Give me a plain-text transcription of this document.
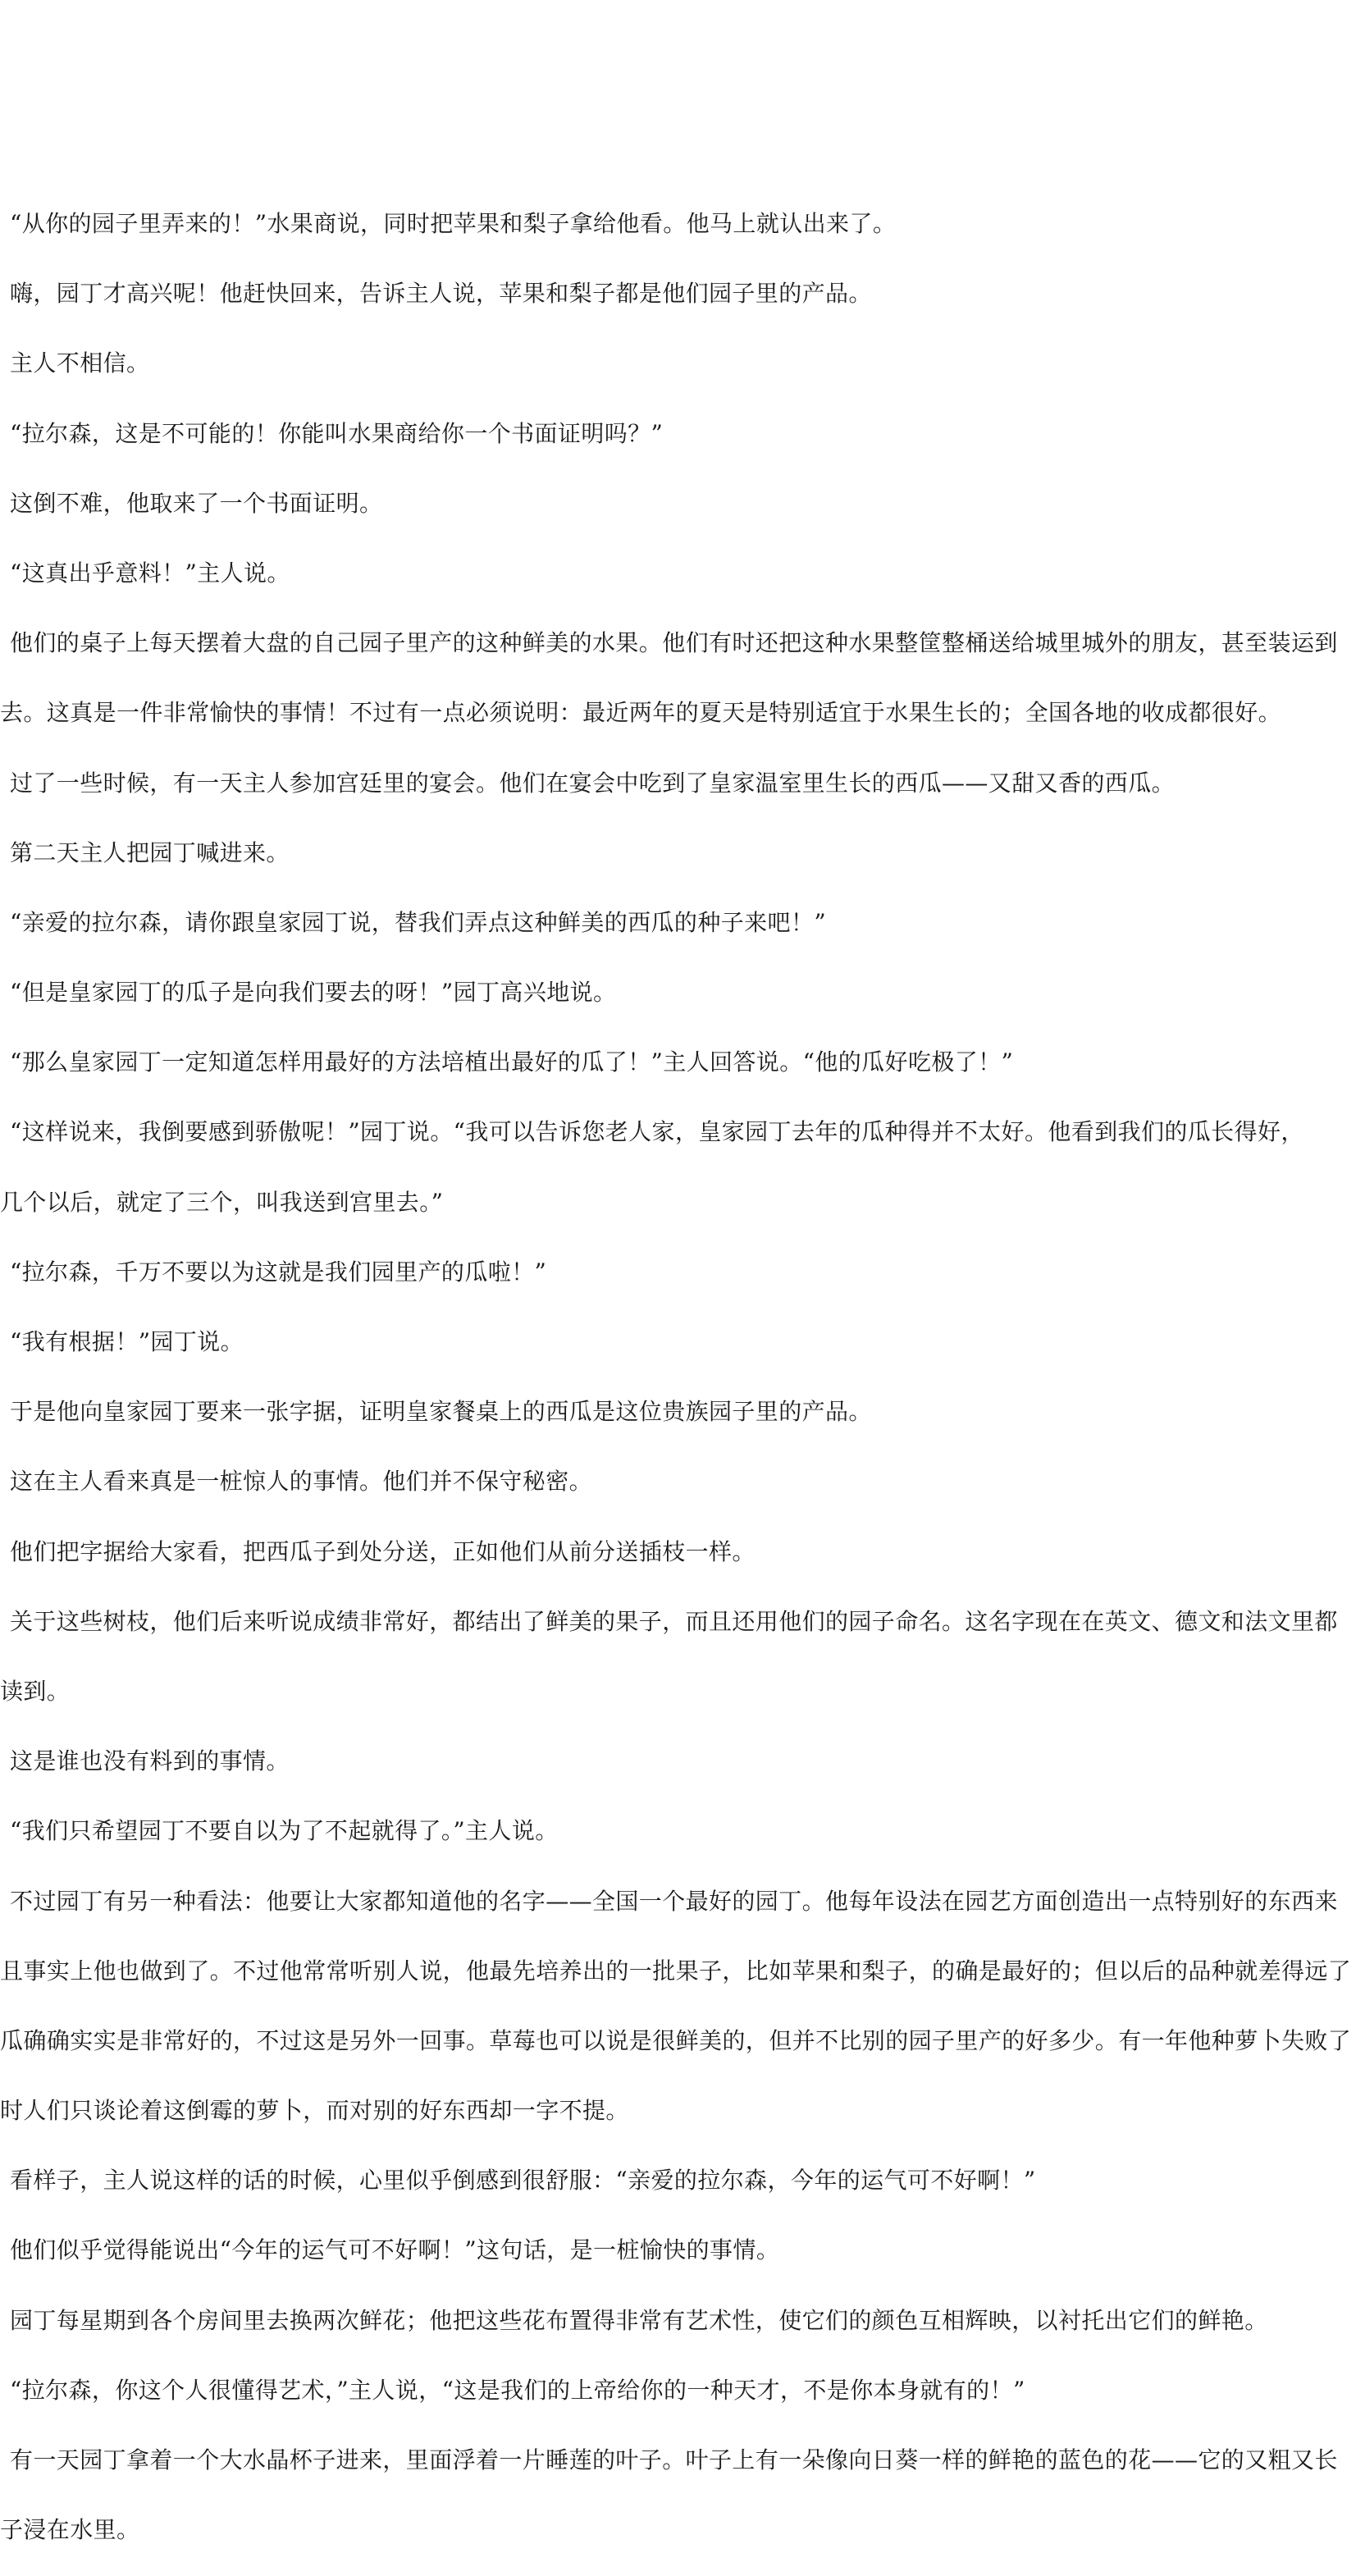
“从你的园子里弄来的！”水果商说，同时把苹果和梨子拿给他看。他马上就认出来了。

嗨，园丁才高兴呢！他赶快回来，告诉主人说，苹果和梨子都是他们园子里的产品。

主人不相信。

“拉尔森，这是不可能的！你能叫水果商给你一个书面证明吗？”

这倒不难，他取来了一个书面证明。

“这真出乎意料！”主人说。

他们的桌子上每天摆着大盘的自己园子里产的这种鲜美的水果。他们有时还把这种水果整筐整桶送给城里城外的朋友，甚至装运到

去。这真是一件非常愉快的事情！不过有一点必须说明：最近两年的夏天是特别适宜于水果生长的；全国各地的收成都很好。

过了一些时候，有一天主人参加宫廷里的宴会。他们在宴会中吃到了皇家温室里生长的西瓜——又甜又香的西瓜。

第二天主人把园丁喊进来。

“亲爱的拉尔森，请你跟皇家园丁说，替我们弄点这种鲜美的西瓜的种子来吧！”

“但是皇家园丁的瓜子是向我们要去的呀！”园丁高兴地说。

“那么皇家园丁一定知道怎样用最好的方法培植出最好的瓜了！”主人回答说。“他的瓜好吃极了！”

“这样说来，我倒要感到骄傲呢！”园丁说。“我可以告诉您老人家，皇家园丁去年的瓜种得并不太好。他看到我们的瓜长得好，

几个以后，就定了三个，叫我送到宫里去。”

“拉尔森，千万不要以为这就是我们园里产的瓜啦！”

“我有根据！”园丁说。

于是他向皇家园丁要来一张字据，证明皇家餐桌上的西瓜是这位贵族园子里的产品。

这在主人看来真是一桩惊人的事情。他们并不保守秘密。

他们把字据给大家看，把西瓜子到处分送，正如他们从前分送插枝一样。

关于这些树枝，他们后来听说成绩非常好，都结出了鲜美的果子，而且还用他们的园子命名。这名字现在在英文、德文和法文里都

读到。

这是谁也没有料到的事情。

“我们只希望园丁不要自以为了不起就得了。”主人说。

不过园丁有另一种看法：他要让大家都知道他的名字——全国一个最好的园丁。他每年设法在园艺方面创造出一点特别好的东西来

且事实上他也做到了。不过他常常听别人说，他最先培养出的一批果子，比如苹果和梨子，的确是最好的；但以后的品种就差得远了

瓜确确实实是非常好的，不过这是另外一回事。草莓也可以说是很鲜美的，但并不比别的园子里产的好多少。有一年他种萝卜失败了

时人们只谈论着这倒霉的萝卜，而对别的好东西却一字不提。

看样子，主人说这样的话的时候，心里似乎倒感到很舒服：“亲爱的拉尔森，今年的运气可不好啊！”

他们似乎觉得能说出“今年的运气可不好啊！”这句话，是一桩愉快的事情。

园丁每星期到各个房间里去换两次鲜花；他把这些花布置得非常有艺术性，使它们的颜色互相辉映，以衬托出它们的鲜艳。

“拉尔森，你这个人很懂得艺术，”主人说，“这是我们的上帝给你的一种天才，不是你本身就有的！”

有一天园丁拿着一个大水晶杯子进来，里面浮着一片睡莲的叶子。叶子上有一朵像向日葵一样的鲜艳的蓝色的花——它的又粗又长

子浸在水里。
